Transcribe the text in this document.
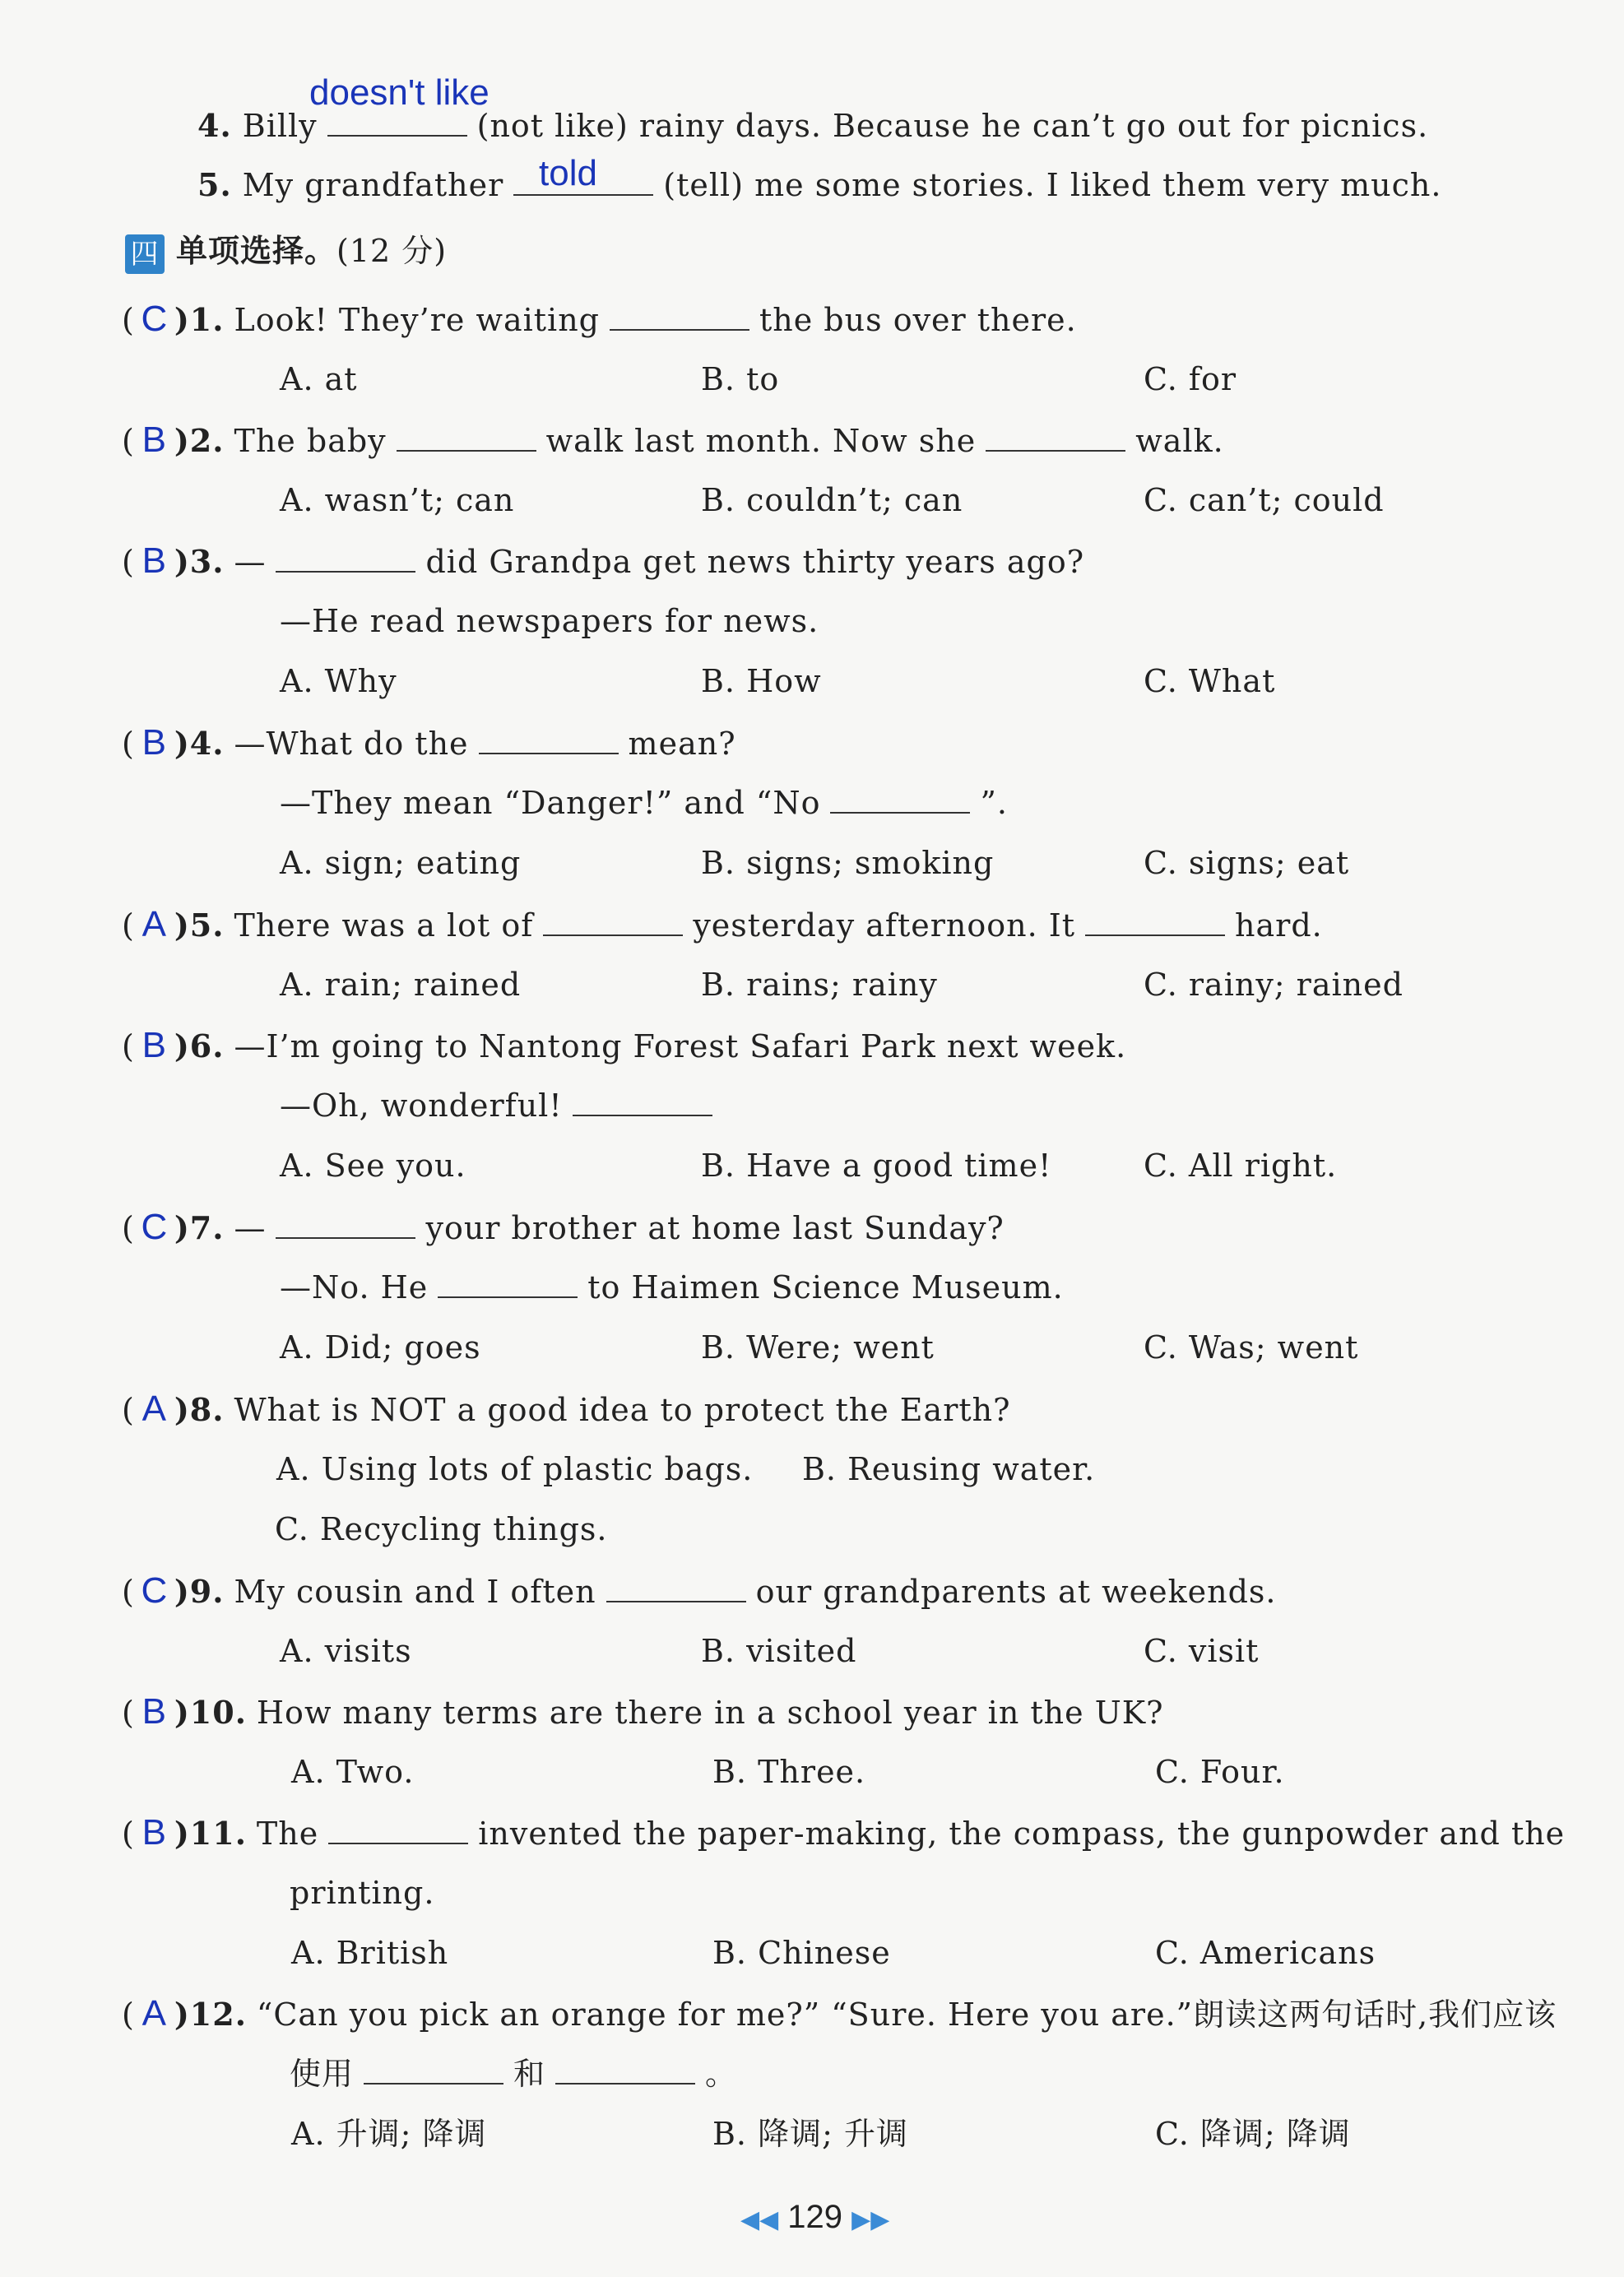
doesn't like
4. Billy	(not like) rainy days. Because he can’t go out for picnics.
told
5. My grandfather	(tell) me some stories. I liked them very much.
四 单项选择。(12 分)
( C )1. Look! They’re waiting	the bus over there.
A. at	B. to	C. for
( B )2. The baby	walk last month. Now she	walk.
A. wasn’t; can	B. couldn’t; can	C. can’t; could
( B )3. —	did Grandpa get news thirty years ago?
—He read newspapers for news.
A. Why	B. How	C. What
( B )4. —What do the	mean?
—They mean “Danger!” and “No	”.
A. sign; eating	B. signs; smoking	C. signs; eat
( A )5. There was a lot of	yesterday afternoon. It	hard.
A. rain; rained	B. rains; rainy	C. rainy; rained
( B )6. —I’m going to Nantong Forest Safari Park next week.
—Oh, wonderful!
A. See you.	B. Have a good time!	C. All right.
( C )7. —	your brother at home last Sunday?
—No. He	to Haimen Science Museum.
A. Did; goes	B. Were; went	C. Was; went
( A )8. What is NOT a good idea to protect the Earth?
A. Using lots of plastic bags. B. Reusing water.
C. Recycling things.
( C )9. My cousin and I often	our grandparents at weekends.
A. visits	B. visited	C. visit
( B )10. How many terms are there in a school year in the UK?
A. Two.	B. Three.	C. Four.
( B )11. The	invented the paper-making, the compass, the gunpowder and the
printing.
A. British	B. Chinese	C. Americans
( A )12. “Can you pick an orange for me?” “Sure. Here you are.”朗读这两句话时,我们应该
使用	和	。
A. 升调; 降调	B. 降调; 升调	C. 降调; 降调
◀◀ 129 ▶▶
